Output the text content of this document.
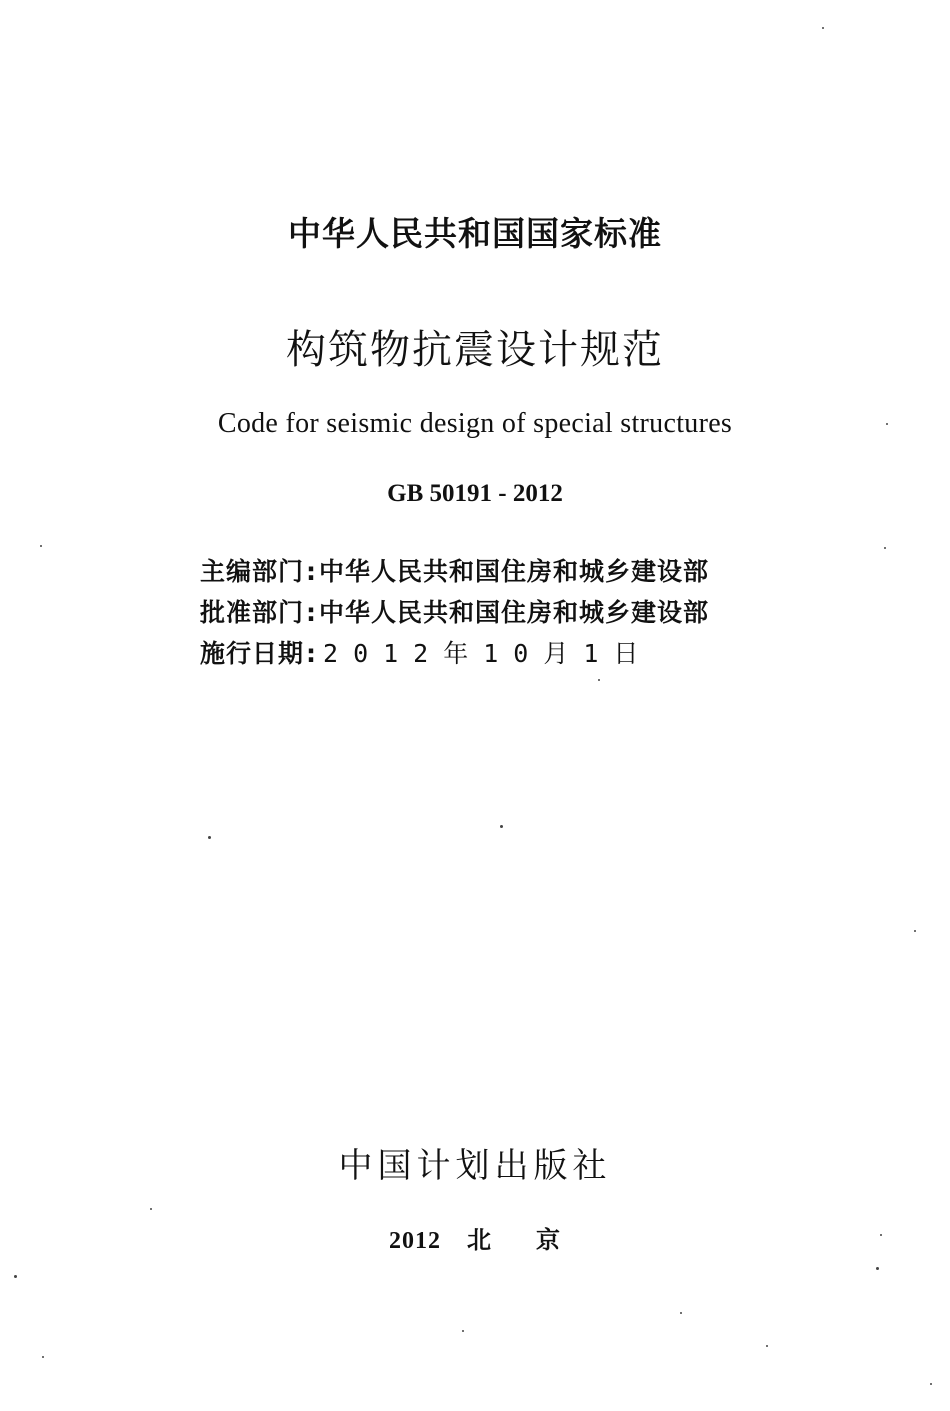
中华人民共和国国家标准
构筑物抗震设计规范
Code for seismic design of special structures
GB 50191 - 2012
主编部门:中华人民共和国住房和城乡建设部
批准部门:中华人民共和国住房和城乡建设部
施行日期: 2012年10月1日
中国计划出版社
2012 北 京
